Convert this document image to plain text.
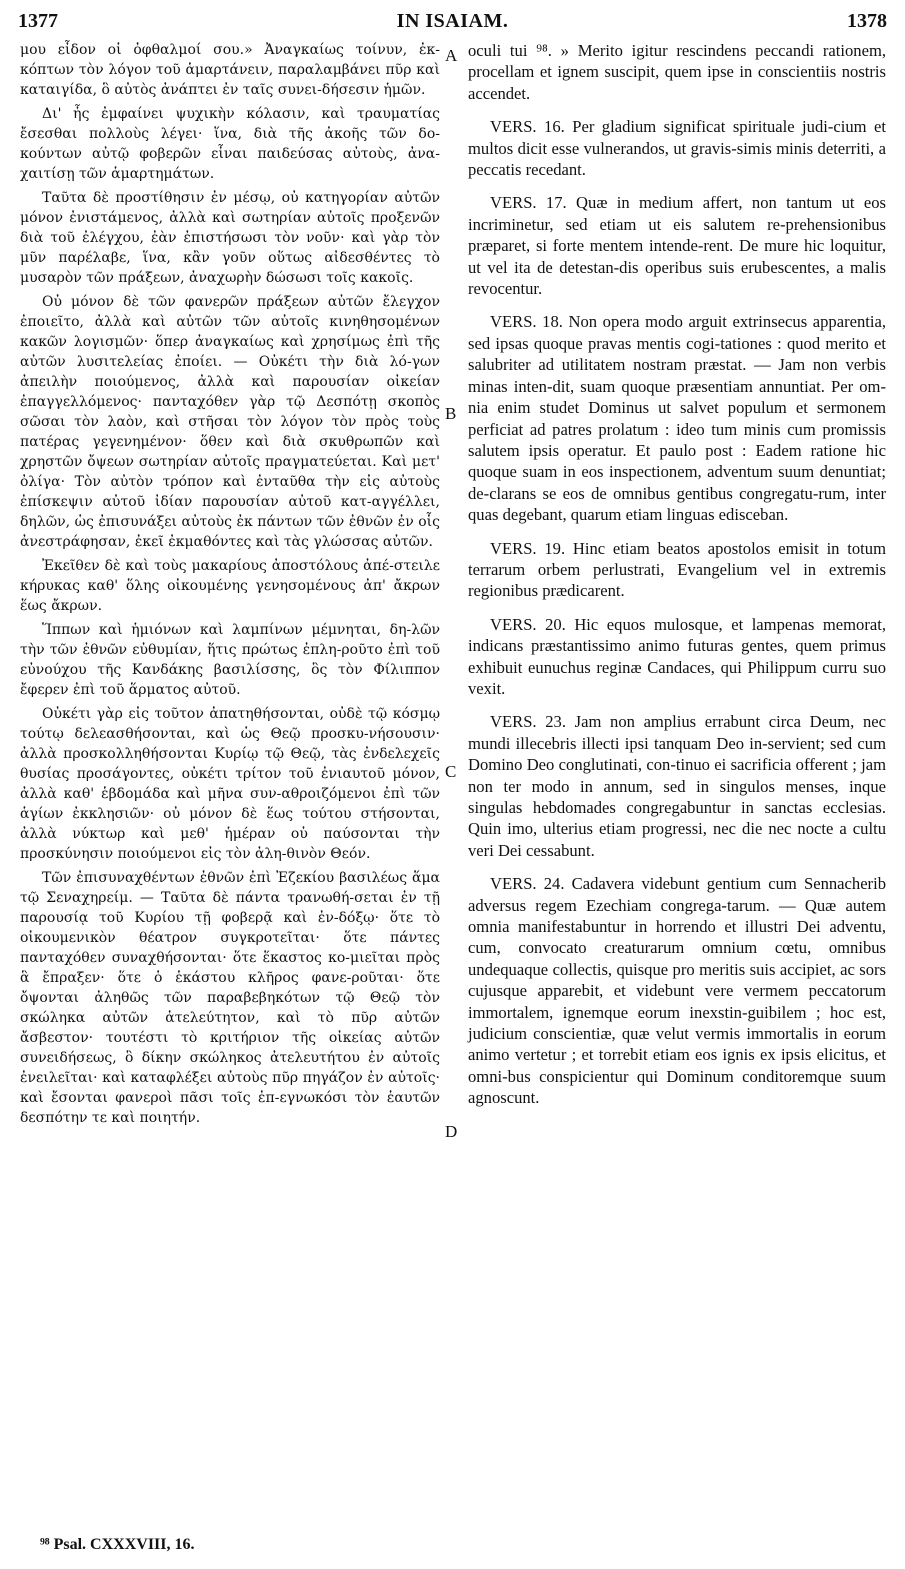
1377	IN ISAIAM.	1378

μου εἶδον οἱ ὀφθαλμοί σου.» Ἀναγκαίως τοίνυν, ἐκ-κόπτων τὸν λόγον τοῦ ἁμαρτάνειν, παραλαμβάνει πῦρ καὶ καταιγίδα, ὃ αὐτὸς ἀνάπτει ἐν ταῖς συνει-δήσεσιν ἡμῶν.

Δι' ἧς ἐμφαίνει ψυχικὴν κόλασιν, καὶ τραυματίας ἔσεσθαι πολλοὺς λέγει· ἵνα, διὰ τῆς ἀκοῆς τῶν δο-κούντων αὐτῷ φοβερῶν εἶναι παιδεύσας αὐτοὺς, ἀνα-χαιτίσῃ τῶν ἁμαρτημάτων.

Ταῦτα δὲ προστίθησιν ἐν μέσῳ, οὐ κατηγορίαν αὐτῶν μόνον ἐνιστάμενος, ἀλλὰ καὶ σωτηρίαν αὐτοῖς προξενῶν διὰ τοῦ ἐλέγχου, ἐὰν ἐπιστήσωσι τὸν νοῦν· καὶ γὰρ τὸν μῦν παρέλαβε, ἵνα, κἂν γοῦν οὕτως αἰδεσθέντες τὸ μυσαρὸν τῶν πράξεων, ἀναχωρὴν δώσωσι τοῖς κακοῖς.

Οὐ μόνον δὲ τῶν φανερῶν πράξεων αὐτῶν ἔλεγχον ἐποιεῖτο, ἀλλὰ καὶ αὐτῶν τῶν αὐτοῖς κινηθησομένων κακῶν λογισμῶν· ὅπερ ἀναγκαίως καὶ χρησίμως ἐπὶ τῆς αὐτῶν λυσιτελείας ἐποίει. — Οὐκέτι τὴν διὰ λό-γων ἀπειλὴν ποιούμενος, ἀλλὰ καὶ παρουσίαν οἰκείαν ἐπαγγελλόμενος· πανταχόθεν γὰρ τῷ Δεσπότῃ σκοπὸς σῶσαι τὸν λαὸν, καὶ στῆσαι τὸν λόγον τὸν πρὸς τοὺς πατέρας γεγενημένον· ὅθεν καὶ διὰ σκυθρωπῶν καὶ χρηστῶν ὄψεων σωτηρίαν αὐτοῖς πραγματεύεται. Καὶ μετ' ὀλίγα· Τὸν αὐτὸν τρόπον καὶ ἐνταῦθα τὴν εἰς αὐτοὺς ἐπίσκεψιν αὐτοῦ ἰδίαν παρουσίαν αὐτοῦ κατ-αγγέλλει, δηλῶν, ὡς ἐπισυνάξει αὐτοὺς ἐκ πάντων τῶν ἐθνῶν ἐν οἷς ἀνεστράφησαν, ἐκεῖ ἐκμαθόντες καὶ τὰς γλώσσας αὐτῶν.

Ἐκεῖθεν δὲ καὶ τοὺς μακαρίους ἀποστόλους ἀπέ-στειλε κήρυκας καθ' ὅλης οἰκουμένης γενησομένους ἀπ' ἄκρων ἕως ἄκρων.

Ἵππων καὶ ἡμιόνων καὶ λαμπίνων μέμνηται, δη-λῶν τὴν τῶν ἐθνῶν εὐθυμίαν, ἥτις πρώτως ἐπλη-ροῦτο ἐπὶ τοῦ εὐνούχου τῆς Κανδάκης βασιλίσσης, ὃς τὸν Φίλιππον ἔφερεν ἐπὶ τοῦ ἅρματος αὐτοῦ.

Οὐκέτι γὰρ εἰς τοῦτον ἀπατηθήσονται, οὐδὲ τῷ κόσμῳ τούτῳ δελεασθήσονται, καὶ ὡς Θεῷ προσκυ-νήσουσιν· ἀλλὰ προσκολληθήσονται Κυρίῳ τῷ Θεῷ, τὰς ἐνδελεχεῖς θυσίας προσάγοντες, οὐκέτι τρίτον τοῦ ἐνιαυτοῦ μόνον, ἀλλὰ καθ' ἑβδομάδα καὶ μῆνα συν-αθροιζόμενοι ἐπὶ τῶν ἁγίων ἐκκλησιῶν· οὐ μόνον δὲ ἕως τούτου στήσονται, ἀλλὰ νύκτωρ καὶ μεθ' ἡμέραν οὐ παύσονται τὴν προσκύνησιν ποιούμενοι εἰς τὸν ἀλη-θινὸν Θεόν.

Τῶν ἐπισυναχθέντων ἐθνῶν ἐπὶ Ἐζεκίου βασιλέως ἅμα τῷ Σεναχηρείμ. — Ταῦτα δὲ πάντα τρανωθή-σεται ἐν τῇ παρουσίᾳ τοῦ Κυρίου τῇ φοβερᾷ καὶ ἐν-δόξῳ· ὅτε τὸ οἰκουμενικὸν θέατρον συγκροτεῖται· ὅτε πάντες πανταχόθεν συναχθήσονται· ὅτε ἕκαστος κο-μιεῖται πρὸς ἃ ἔπραξεν· ὅτε ὁ ἑκάστου κλῆρος φανε-ροῦται· ὅτε ὄψονται ἀληθῶς τῶν παραβεβηκότων τῷ Θεῷ τὸν σκώληκα αὐτῶν ἀτελεύτητον, καὶ τὸ πῦρ αὐτῶν ἄσβεστον· τουτέστι τὸ κριτήριον τῆς οἰκείας αὐτῶν συνειδήσεως, ὃ δίκην σκώληκος ἀτελευτήτου ἐν αὐτοῖς ἐνειλεῖται· καὶ καταφλέξει αὐτοὺς πῦρ πηγάζον ἐν αὐτοῖς· καὶ ἔσονται φανεροὶ πᾶσι τοῖς ἐπ-εγνωκόσι τὸν ἑαυτῶν δεσπότην τε καὶ ποιητήν.

A
B
C
D

oculi tui ⁹⁸. » Merito igitur rescindens peccandi rationem, procellam et ignem suscipit, quem ipse in conscientiis nostris accendet.

VERS. 16. Per gladium significat spirituale judi-cium et multos dicit esse vulnerandos, ut gravis-simis minis deterriti, a peccatis recedant.

VERS. 17. Quæ in medium affert, non tantum ut eos incriminetur, sed etiam ut eis salutem re-prehensionibus præparet, si forte mentem intende-rent. De mure hic loquitur, ut vel ita de detestan-dis operibus suis erubescentes, a malis revocentur.

VERS. 18. Non opera modo arguit extrinsecus apparentia, sed ipsas quoque pravas mentis cogi-tationes : quod merito et salubriter ad utilitatem nostram præstat. — Jam non verbis minas inten-dit, suam quoque præsentiam annuntiat. Per om-nia enim studet Dominus ut salvet populum et sermonem perficiat ad patres prolatum : ideo tum minis cum promissis salutem ipsis operatur. Et paulo post : Eadem ratione hic quoque suam in eos inspectionem, adventum suum denuntiat; de-clarans se eos de omnibus gentibus congregatu-rum, inter quas degebant, quarum etiam linguas edisceban.

VERS. 19. Hinc etiam beatos apostolos emisit in totum terrarum orbem perlustrati, Evangelium vel in extremis regionibus prædicarent.

VERS. 20. Hic equos mulosque, et lampenas memorat, indicans præstantissimo animo futuras gentes, quem primus exhibuit eunuchus reginæ Candaces, qui Philippum curru suo vexit.

VERS. 23. Jam non amplius errabunt circa Deum, nec mundi illecebris illecti ipsi tanquam Deo in-servient; sed cum Domino Deo conglutinati, con-tinuo ei sacrificia offerent ; jam non ter modo in annum, sed in singulos menses, inque singulas hebdomades congregabuntur in sanctas ecclesias. Quin imo, ulterius etiam progressi, nec die nec nocte a cultu veri Dei cessabunt.

VERS. 24. Cadavera videbunt gentium cum Sennacherib adversus regem Ezechiam congrega-tarum. — Quæ autem omnia manifestabuntur in horrendo et illustri Dei adventu, cum, convocato creaturarum omnium cœtu, omnibus undequaque collectis, quisque pro meritis suis accipiet, ac sors cujusque apparebit, et videbunt vere vermem peccatorum immortalem, ignemque eorum inexstin-guibilem ; hoc est, judicium conscientiæ, quæ velut vermis immortalis in eorum animo vertetur ; et torrebit etiam eos ignis ex ipsis elicitus, et omni-bus conspicientur qui Dominum conditoremque suum agnoscunt.

⁹⁸ Psal. CXXXVIII, 16.
